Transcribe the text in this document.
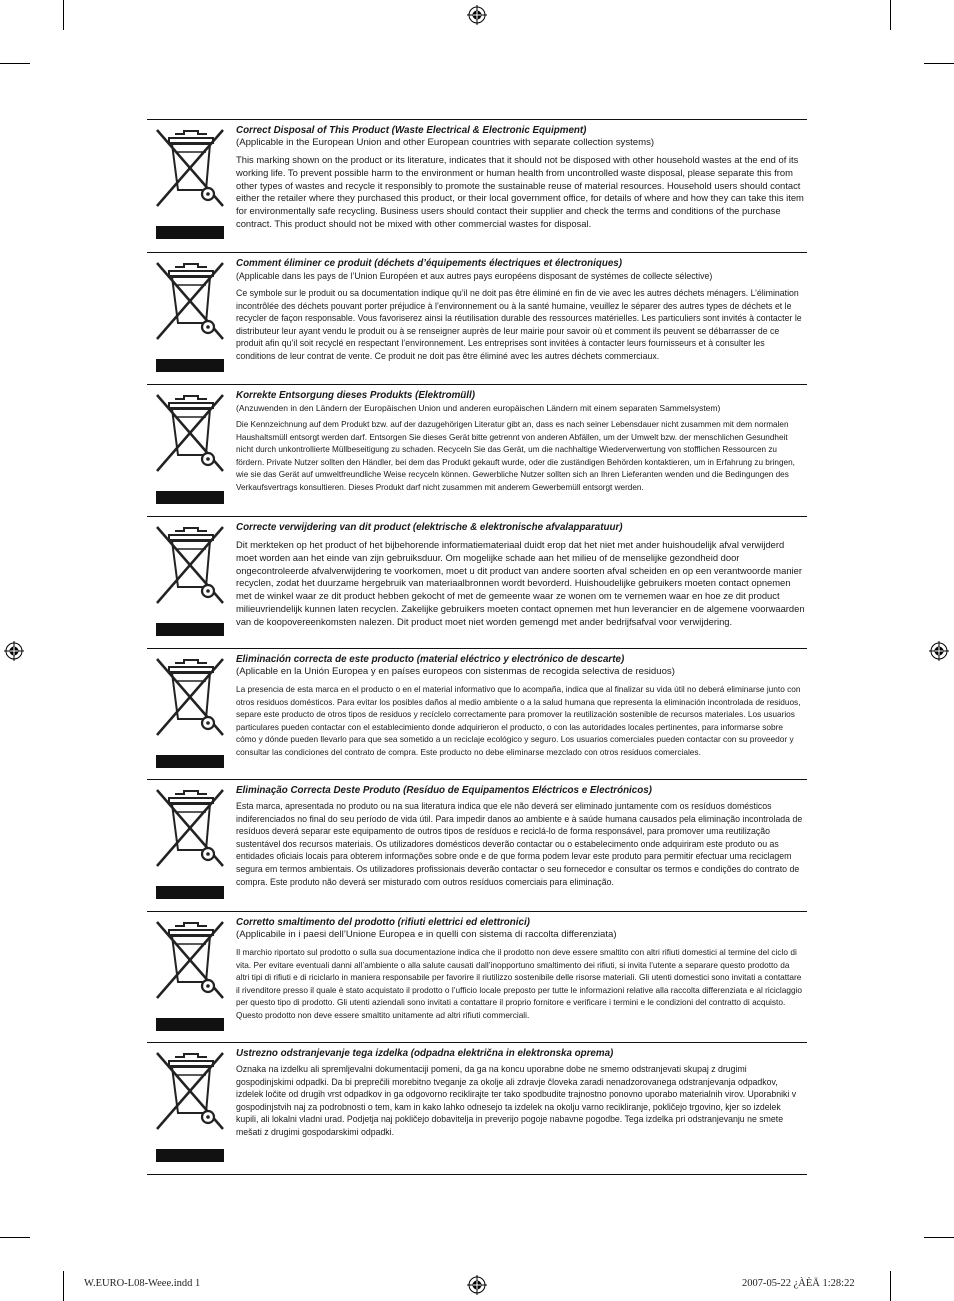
Correct Disposal of This Product (Waste Electrical & Electronic Equipment)
(Applicable in the European Union and other European countries with separate collection systems)
This marking shown on the product or its literature, indicates that it should not be disposed with other household wastes at the end of its working life. To prevent possible harm to the environment or human health from uncontrolled waste disposal, please separate this from other types of wastes and recycle it responsibly to promote the sustainable reuse of material resources. Household users should contact either the retailer where they purchased this product, or their local government office, for details of where and how they can take this item for environmentally safe recycling. Business users should contact their supplier and check the terms and conditions of the purchase contract. This product should not be mixed with other commercial wastes for disposal.
Comment éliminer ce produit (déchets d’équipements électriques et électroniques)
(Applicable dans les pays de l’Union Européen et aux autres pays européens disposant de systémes de collecte sélective)
Ce symbole sur le produit ou sa documentation indique qu’il ne doit pas être éliminé en fin de vie avec les autres déchets ménagers. L’élimination incontrôlée des déchets pouvant porter préjudice à l’environnement ou à la santé humaine, veuillez le séparer des autres types de déchets et le recycler de façon responsable. Vous favoriserez ainsi la réutilisation durable des ressources matérielles. Les particuliers sont invités à contacter le distributeur leur ayant vendu le produit ou à se renseigner auprès de leur mairie pour savoir où et comment ils peuvent se débarrasser de ce produit afin qu’il soit recyclé en respectant l’environnement. Les entreprises sont invitées à contacter leurs fournisseurs et à consulter les conditions de leur contrat de vente. Ce produit ne doit pas être éliminé avec les autres déchets commerciaux.
Korrekte Entsorgung dieses Produkts (Elektromüll)
(Anzuwenden in den Ländern der Europäischen Union und anderen europäischen Ländern mit einem separaten Sammelsystem)
Die Kennzeichnung auf dem Produkt bzw. auf der dazugehörigen Literatur gibt an, dass es nach seiner Lebensdauer nicht zusammen mit dem normalen Haushaltsmüll entsorgt werden darf. Entsorgen Sie dieses Gerät bitte getrennt von anderen Abfällen, um der Umwelt bzw. der menschlichen Gesundheit nicht durch unkontrollierte Müllbeseitigung zu schaden. Recyceln Sie das Gerät, um die nachhaltige Wiederverwertung von stofflichen Ressourcen zu fördern. Private Nutzer sollten den Händler, bei dem das Produkt gekauft wurde, oder die zuständigen Behörden kontaktieren, um in Erfahrung zu bringen, wie sie das Gerät auf umweltfreundliche Weise recyceln können. Gewerbliche Nutzer sollten sich an Ihren Lieferanten wenden und die Bedingungen des Verkaufsvertrags konsultieren. Dieses Produkt darf nicht zusammen mit anderem Gewerbemüll entsorgt werden.
Correcte verwijdering van dit product (elektrische & elektronische afvalapparatuur)
Dit merkteken op het product of het bijbehorende informatiemateriaal duidt erop dat het niet met ander huishoudelijk afval verwijderd moet worden aan het einde van zijn gebruiksduur. Om mogelijke schade aan het milieu of de menselijke gezondheid door ongecontroleerde afvalverwijdering te voorkomen, moet u dit product van andere soorten afval scheiden en op een verantwoorde manier recyclen, zodat het duurzame hergebruik van materiaalbronnen wordt bevorderd. Huishoudelijke gebruikers moeten contact opnemen met de winkel waar ze dit product hebben gekocht of met de gemeente waar ze wonen om te vernemen waar en hoe ze dit product milieuvriendelijk kunnen laten recyclen. Zakelijke gebruikers moeten contact opnemen met hun leverancier en de algemene voorwaarden van de koopovereenkomsten nalezen. Dit product moet niet worden gemengd met ander bedrijfsafval voor verwijdering.
Eliminación correcta de este producto (material eléctrico y electrónico de descarte)
(Aplicable en la Unión Europea y en países europeos con sistenmas de recogida selectiva de residuos)
La presencia de esta marca en el producto o en el material informativo que lo acompaña, indica que al finalizar su vida útil no deberá eliminarse junto con otros residuos domésticos. Para evitar los posibles daños al medio ambiente o a la salud humana que representa la eliminación incontrolada de residuos, separe este producto de otros tipos de residuos y recíclelo correctamente para promover la reutilización sostenible de recursos materiales. Los usuarios particulares pueden contactar con el establecimiento donde adquirieron el producto, o con las autoridades locales pertinentes, para informarse sobre cómo y dónde pueden llevarlo para que sea sometido a un reciclaje ecológico y seguro. Los usuarios comerciales pueden contactar con su proveedor y consultar las condiciones del contrato de compra. Este producto no debe eliminarse mezclado con otros residuos comerciales.
Eliminação Correcta Deste Produto (Resíduo de Equipamentos Eléctricos e Electrónicos)
Esta marca, apresentada no produto ou na sua literatura indica que ele não deverá ser eliminado juntamente com os resíduos domésticos indiferenciados no final do seu período de vida útil. Para impedir danos ao ambiente e à saúde humana causados pela eliminação incontrolada de resíduos deverá separar este equipamento de outros tipos de resíduos e reciclá-lo de forma responsável, para promover uma reutilização sustentável dos recursos materiais. Os utilizadores domésticos deverão contactar ou o estabelecimento onde adquiriram este produto ou as entidades oficiais locais para obterem informações sobre onde e de que forma podem levar este produto para permitir efectuar uma reciclagem segura em termos ambientais. Os utilizadores profissionais deverão contactar o seu fornecedor e consultar os termos e condições do contrato de compra. Este produto não deverá ser misturado com outros resíduos comerciais para eliminação.
Corretto smaltimento del prodotto (rifiuti elettrici ed elettronici)
(Applicabile in i paesi dell’Unione Europea e in quelli con sistema di raccolta differenziata)
Il marchio riportato sul prodotto o sulla sua documentazione indica che il prodotto non deve essere smaltito con altri rifiuti domestici al termine del ciclo di vita. Per evitare eventuali danni all’ambiente o alla salute causati dall’inopportuno smaltimento dei rifiuti, si invita l’utente a separare questo prodotto da altri tipi di rifiuti e di riciclarlo in maniera responsabile per favorire il riutilizzo sostenibile delle risorse materiali. Gli utenti domestici sono invitati a contattare il rivenditore presso il quale è stato acquistato il prodotto o l’ufficio locale preposto per tutte le informazioni relative alla raccolta differenziata e al riciclaggio per questo tipo di prodotto. Gli utenti aziendali sono invitati a contattare il proprio fornitore e verificare i termini e le condizioni del contratto di acquisto. Questo prodotto non deve essere smaltito unitamente ad altri rifiuti commerciali.
Ustrezno odstranjevanje tega izdelka (odpadna električna in elektronska oprema)
Oznaka na izdelku ali spremljevalni dokumentaciji pomeni, da ga na koncu uporabne dobe ne smemo odstranjevati skupaj z drugimi gospodinjskimi odpadki. Da bi preprečili morebitno tveganje za okolje ali zdravje človeka zaradi nenadzorovanega odstranjevanja odpadkov, izdelek ločite od drugih vrst odpadkov in ga odgovorno reciklirajte ter tako spodbudite trajnostno ponovno uporabo materialnih virov. Uporabniki v gospodinjstvih naj za podrobnosti o tem, kam in kako lahko odnesejo ta izdelek na okolju varno recikliranje, pokličejo trgovino, kjer so izdelek kupili, ali lokalni vladni urad. Podjetja naj pokličejo dobavitelja in preverijo pogoje nabavne pogodbe. Tega izdelka pri odstranjevanju ne smete mešati z drugimi gospodarskimi odpadki.
W.EURO-L08-Weee.indd 1	2007-05-22 ¿ÀÈÄ 1:28:22
